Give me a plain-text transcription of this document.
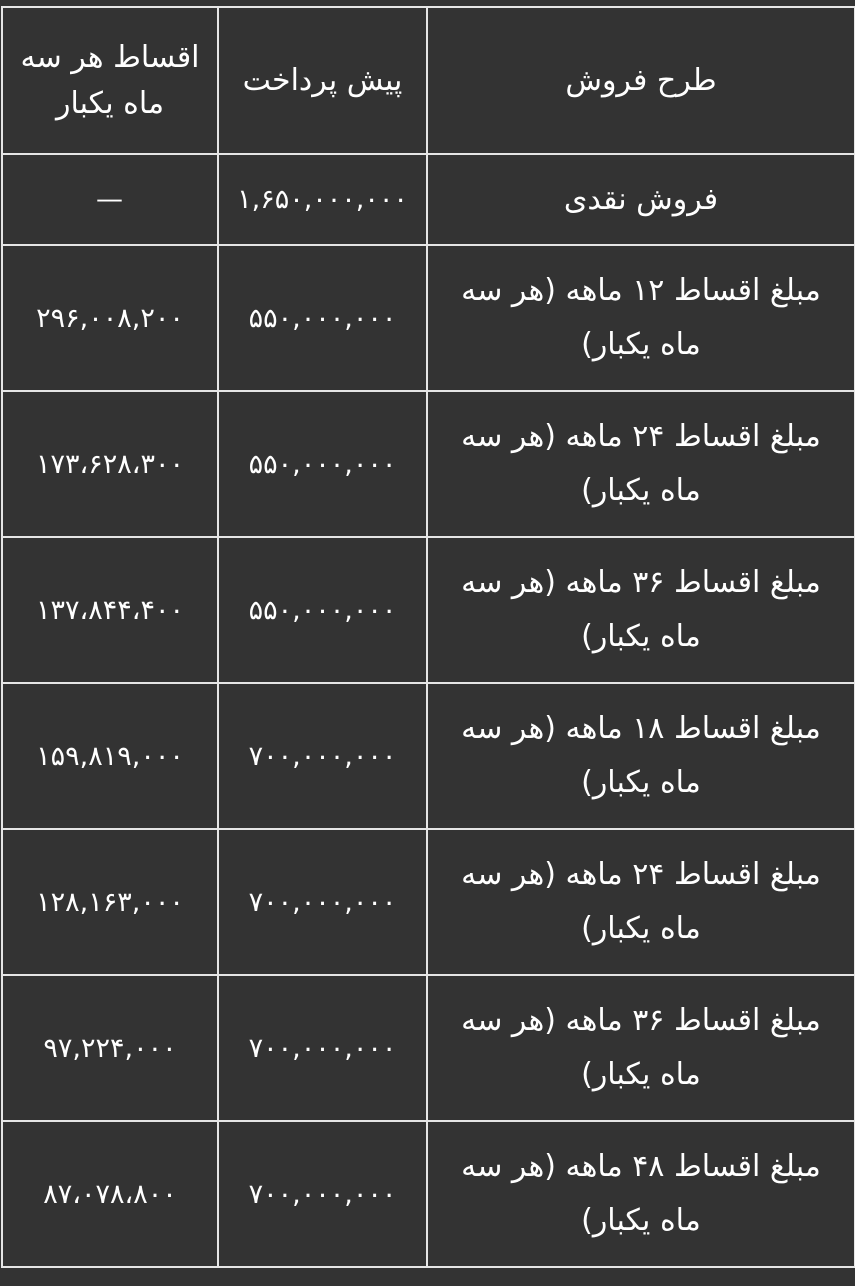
طرح فروش	پیش پرداخت	اقساط هر سه ماه یکبار
فروش نقدی	۱,۶۵۰,۰۰۰,۰۰۰	—
مبلغ اقساط ۱۲ ماهه (هر سه ماه یکبار)	۵۵۰,۰۰۰,۰۰۰	۲۹۶,۰۰۸,۲۰۰
مبلغ اقساط ۲۴ ماهه (هر سه ماه یکبار)	۵۵۰,۰۰۰,۰۰۰	۱۷۳،۶۲۸،۳۰۰
مبلغ اقساط ۳۶ ماهه (هر سه ماه یکبار)	۵۵۰,۰۰۰,۰۰۰	۱۳۷،۸۴۴،۴۰۰
مبلغ اقساط ۱۸ ماهه (هر سه ماه یکبار)	۷۰۰,۰۰۰,۰۰۰	۱۵۹,۸۱۹,۰۰۰
مبلغ اقساط ۲۴ ماهه (هر سه ماه یکبار)	۷۰۰,۰۰۰,۰۰۰	۱۲۸,۱۶۳,۰۰۰
مبلغ اقساط ۳۶ ماهه (هر سه ماه یکبار)	۷۰۰,۰۰۰,۰۰۰	۹۷,۲۲۴,۰۰۰
مبلغ اقساط ۴۸ ماهه (هر سه ماه یکبار)	۷۰۰,۰۰۰,۰۰۰	۸۷،۰۷۸،۸۰۰
